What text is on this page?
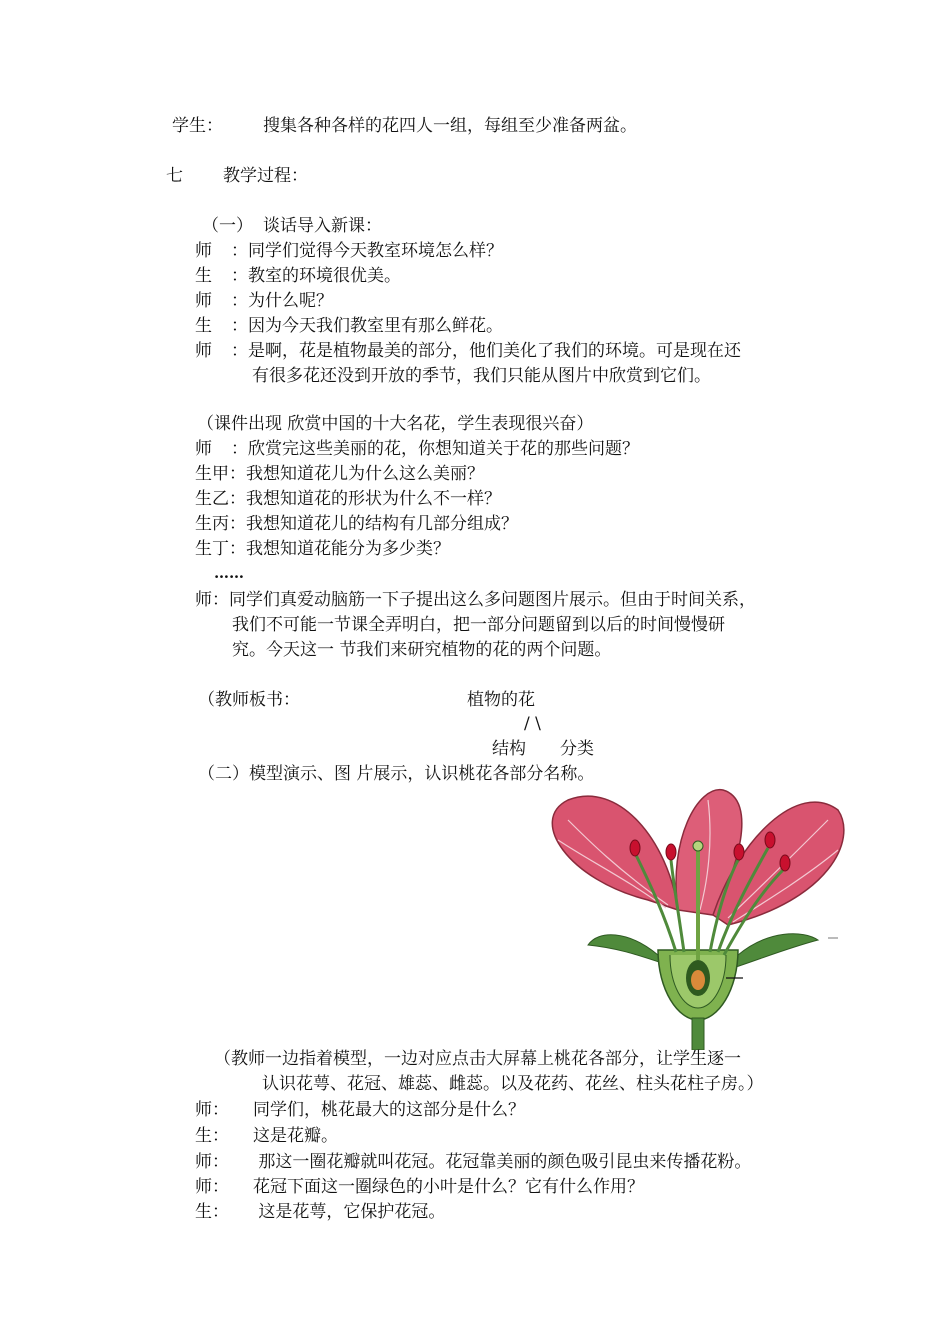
学生： 搜集各种各样的花四人一组，每组至少准备两盆。
七 教学过程：
（一） 谈话导入新课：
师 ：同学们觉得今天教室环境怎么样？
生 ：教室的环境很优美。
师 ：为什么呢？
生 ：因为今天我们教室里有那么鲜花。
师 ：是啊，花是植物最美的部分，他们美化了我们的环境。可是现在还
有很多花还没到开放的季节，我们只能从图片中欣赏到它们。
（课件出现 欣赏中国的十大名花，学生表现很兴奋）
师 ：欣赏完这些美丽的花，你想知道关于花的那些问题？
生甲：我想知道花儿为什么这么美丽？
生乙：我想知道花的形状为什么不一样？
生丙：我想知道花儿的结构有几部分组成？
生丁：我想知道花能分为多少类？
……
师：同学们真爱动脑筋一下子提出这么多问题图片展示。但由于时间关系，
我们不可能一节课全弄明白，把一部分问题留到以后的时间慢慢研
究。今天这一 节我们来研究植物的花的两个问题。
（教师板书：	植物的花
/ \
结构 分类
（二）模型演示、图 片展示，认识桃花各部分名称。
（教师一边指着模型，一边对应点击大屏幕上桃花各部分，让学生逐一
认识花萼、花冠、雄蕊、雌蕊。以及花药、花丝、柱头花柱子房。）
师： 同学们，桃花最大的这部分是什么？
生： 这是花瓣。
师： 那这一圈花瓣就叫花冠。花冠靠美丽的颜色吸引昆虫来传播花粉。
师： 花冠下面这一圈绿色的小叶是什么？它有什么作用？
生： 这是花萼，它保护花冠。
